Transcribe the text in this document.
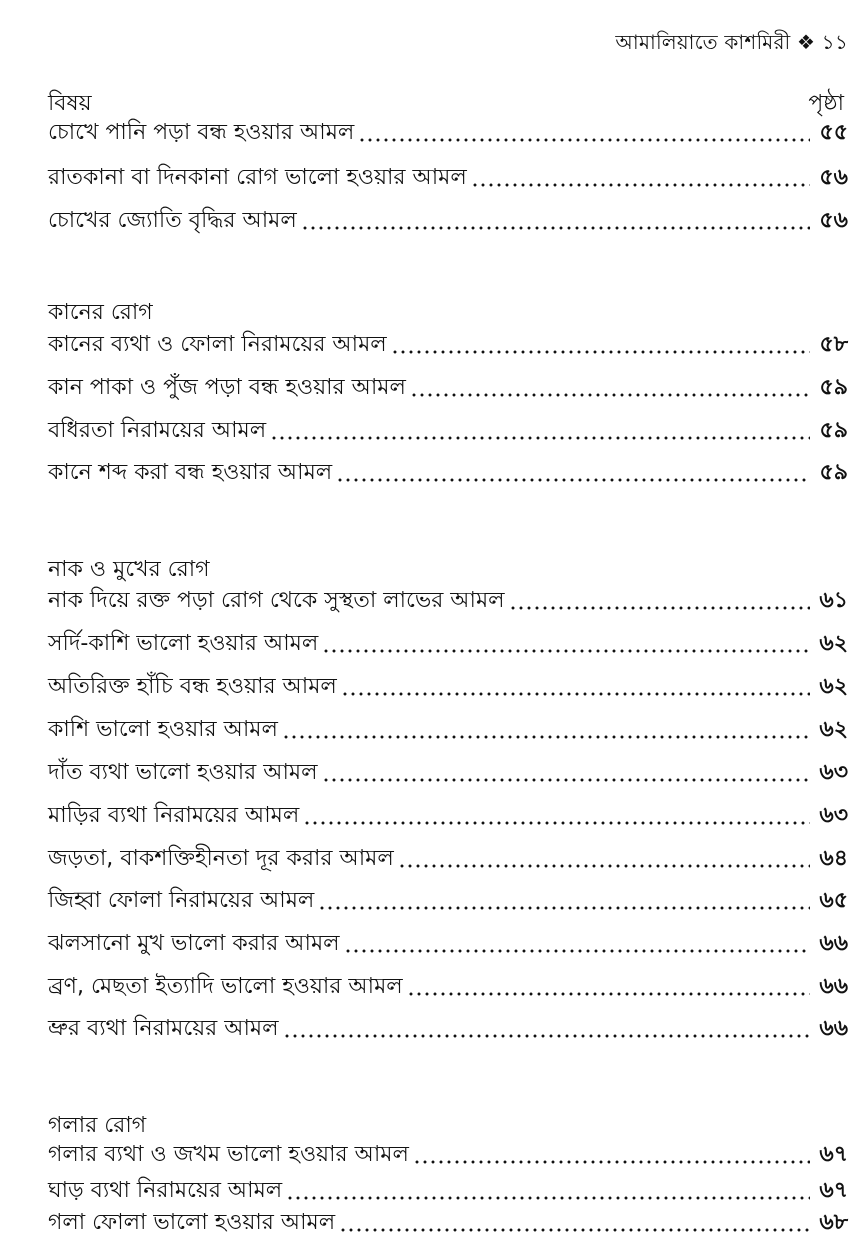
আমালিয়াতে কাশমিরী ❖ ১১
বিষয়	পৃষ্ঠা
চোখে পানি পড়া বন্ধ হওয়ার আমল	৫৫
রাতকানা বা দিনকানা রোগ ভালো হওয়ার আমল	৫৬
চোখের জ্যোতি বৃদ্ধির আমল	৫৬
কানের রোগ
কানের ব্যথা ও ফোলা নিরাময়ের আমল	৫৮
কান পাকা ও পুঁজ পড়া বন্ধ হওয়ার আমল	৫৯
বধিরতা নিরাময়ের আমল	৫৯
কানে শব্দ করা বন্ধ হওয়ার আমল	৫৯
নাক ও মুখের রোগ
নাক দিয়ে রক্ত পড়া রোগ থেকে সুস্থতা লাভের আমল	৬১
সর্দি-কাশি ভালো হওয়ার আমল	৬২
অতিরিক্ত হাঁচি বন্ধ হওয়ার আমল	৬২
কাশি ভালো হওয়ার আমল	৬২
দাঁত ব্যথা ভালো হওয়ার আমল	৬৩
মাড়ির ব্যথা নিরাময়ের আমল	৬৩
জড়তা, বাকশক্তিহীনতা দূর করার আমল	৬৪
জিহ্বা ফোলা নিরাময়ের আমল	৬৫
ঝলসানো মুখ ভালো করার আমল	৬৬
ব্রণ, মেছতা ইত্যাদি ভালো হওয়ার আমল	৬৬
ভ্রুর ব্যথা নিরাময়ের আমল	৬৬
গলার রোগ
গলার ব্যথা ও জখম ভালো হওয়ার আমল	৬৭
ঘাড় ব্যথা নিরাময়ের আমল	৬৭
গলা ফোলা ভালো হওয়ার আমল	৬৮
